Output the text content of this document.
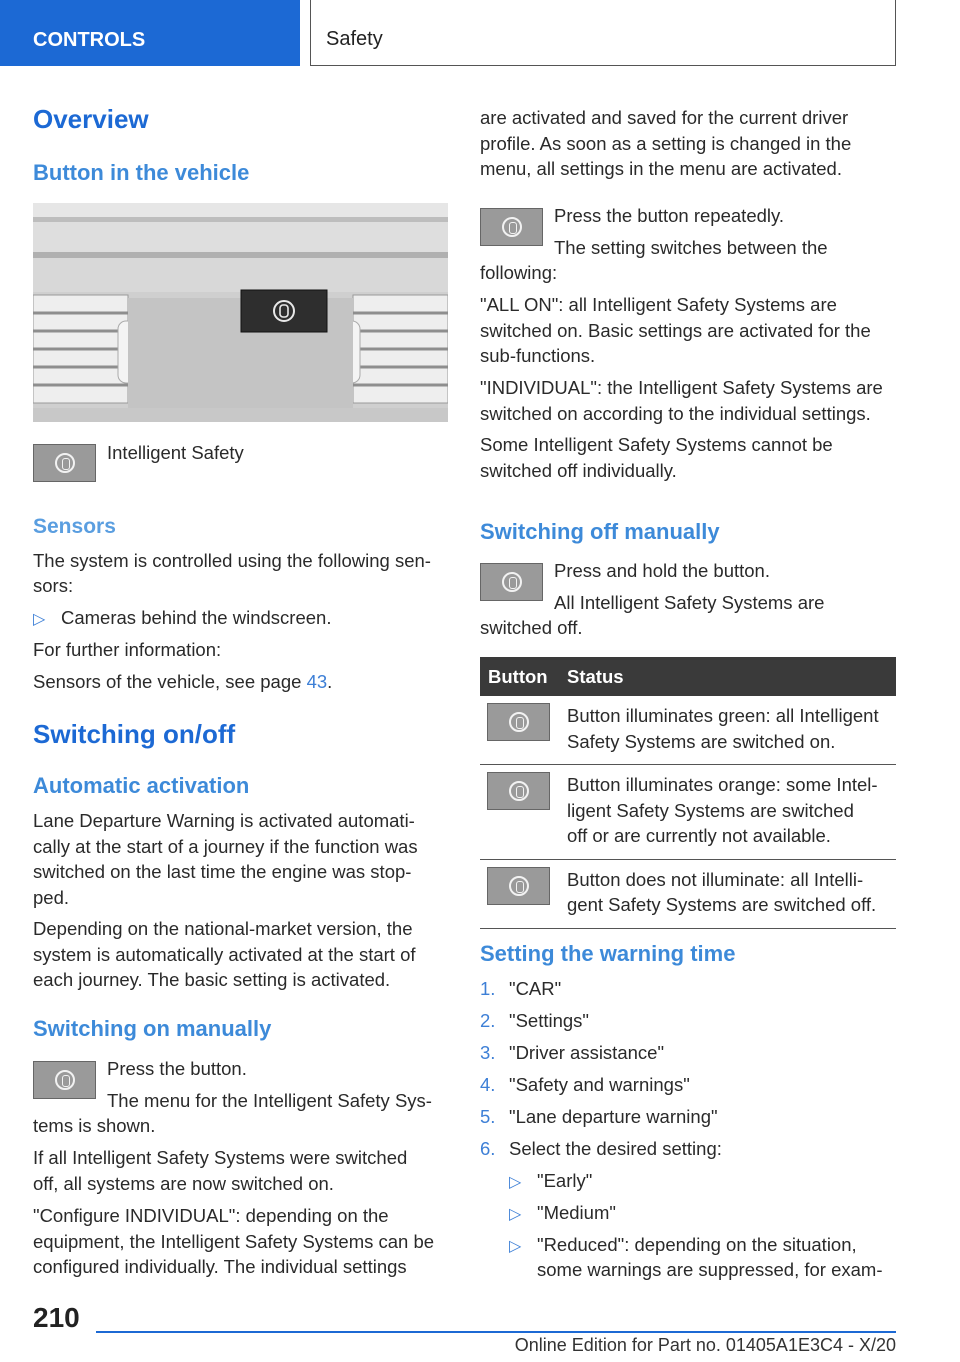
CONTROLS	Safety
Overview
Button in the vehicle

Intelligent Safety

Sensors

The system is controlled using the following sen-

sors:

▷ Cameras behind the windscreen.

For further information:

Sensors of the vehicle, see page 43.

Switching on/off
Automatic activation

Lane Departure Warning is activated automati-
cally at the start of a journey if the function was
switched on the last time the engine was stop-
ped.

Depending on the national-market version, the
system is automatically activated at the start of
each journey. The basic setting is activated.

Switching on manually

Press the button.

The menu for the Intelligent Safety Sys-

tems is shown.

If all Intelligent Safety Systems were switched
off, all systems are now switched on.

"Configure INDIVIDUAL": depending on the
equipment, the Intelligent Safety Systems can be
configured individually. The individual settings

are activated and saved for the current driver
profile. As soon as a setting is changed in the
menu, all settings in the menu are activated.

Press the button repeatedly.

The setting switches between the

following:

"ALL ON": all Intelligent Safety Systems are
switched on. Basic settings are activated for the
sub-functions.

"INDIVIDUAL": the Intelligent Safety Systems are
switched on according to the individual settings.

Some Intelligent Safety Systems cannot be
switched off individually.

Switching off manually

Press and hold the button.

All Intelligent Safety Systems are

switched off.

Button	Status

	Button illuminates green: all Intelligent
Safety Systems are switched on.

	Button illuminates orange: some Intel-
ligent Safety Systems are switched
off or are currently not available.

	Button does not illuminate: all Intelli-
gent Safety Systems are switched off.
Setting the warning time

1. "CAR"

2. "Settings"

3. "Driver assistance"

4. "Safety and warnings"

5. "Lane departure warning"

6. Select the desired setting:

▷ "Early"

▷ "Medium"

▷ "Reduced": depending on the situation,

some warnings are suppressed, for exam-

210
Online Edition for Part no. 01405A1E3C4 - X/20
